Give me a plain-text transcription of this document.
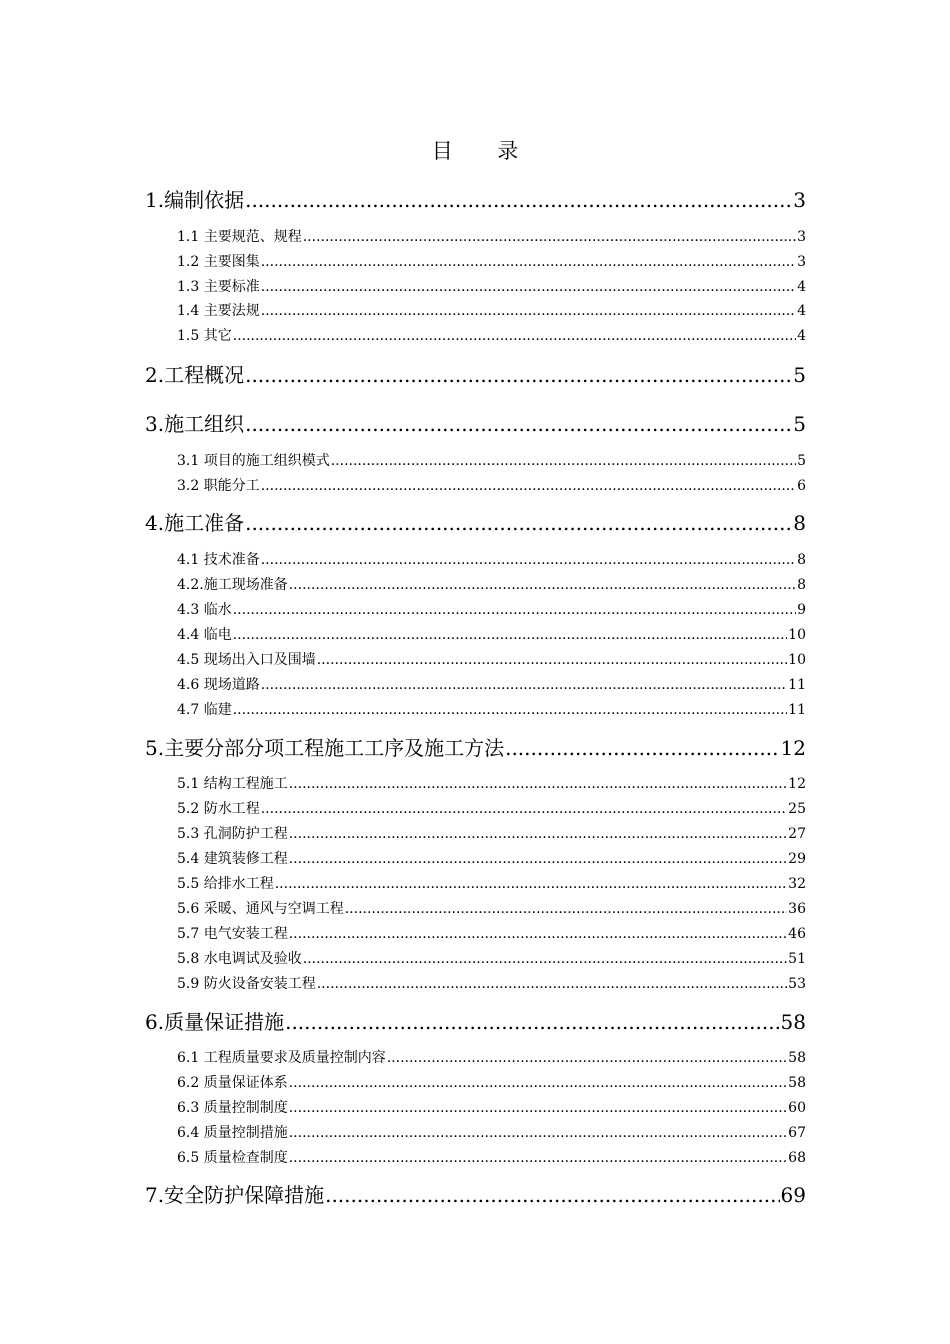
目 录
1.编制依据 .....	3
1.1 主要规范、规程 .....	3
1.2 主要图集 .....	3
1.3 主要标准 .....	4
1.4 主要法规 .....	4
1.5 其它 .....	4
2.工程概况 .....	5
3.施工组织 .....	5
3.1 项目的施工组织模式 .....	5
3.2 职能分工 .....	6
4.施工准备 .....	8
4.1 技术准备 .....	8
4.2.施工现场准备 .....	8
4.3 临水 .....	9
4.4 临电 .....	10
4.5 现场出入口及围墙 .....	10
4.6 现场道路 .....	11
4.7 临建 .....	11
5.主要分部分项工程施工工序及施工方法 .....	12
5.1 结构工程施工 .....	12
5.2 防水工程 .....	25
5.3 孔洞防护工程 .....	27
5.4 建筑装修工程 .....	29
5.5 给排水工程 .....	32
5.6 采暖、通风与空调工程 .....	36
5.7 电气安装工程 .....	46
5.8 水电调试及验收 .....	51
5.9 防火设备安装工程 .....	53
6.质量保证措施 .....	58
6.1 工程质量要求及质量控制内容 .....	58
6.2 质量保证体系 .....	58
6.3 质量控制制度 .....	60
6.4 质量控制措施 .....	67
6.5 质量检查制度 .....	68
7.安全防护保障措施 .....	69
